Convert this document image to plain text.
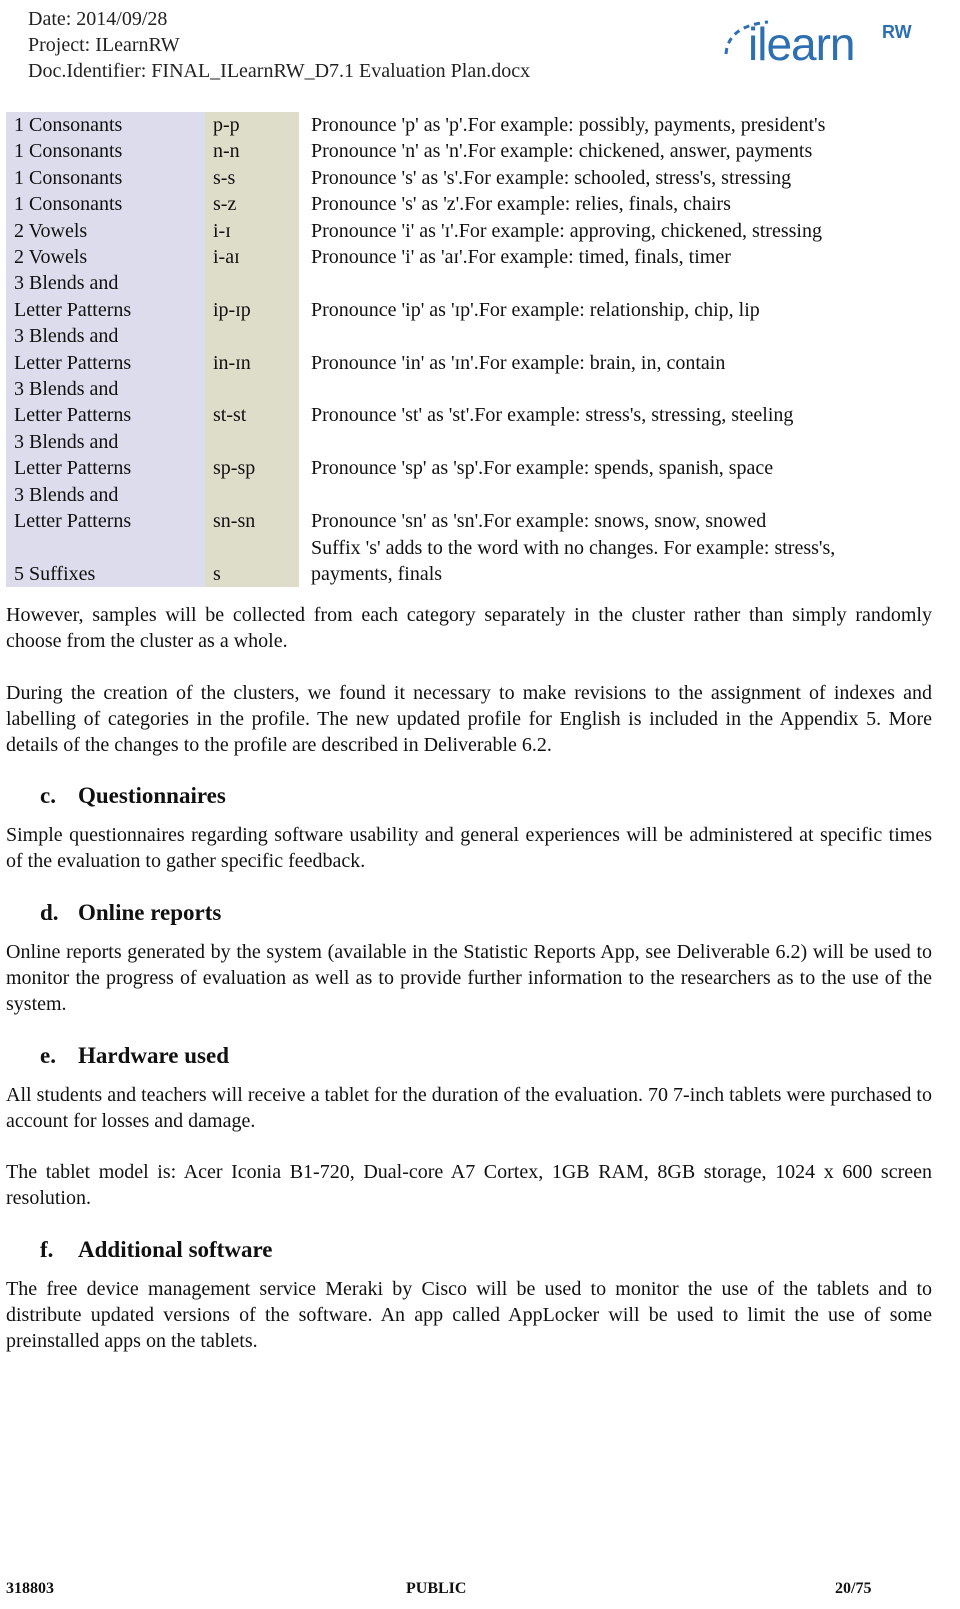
Date: 2014/09/28
Project: ILearnRW
Doc.Identifier: FINAL_ILearnRW_D7.1 Evaluation Plan.docx
ilearn RW
1 Consonants	p-p	Pronounce 'p' as 'p'.For example: possibly, payments, president's

1 Consonants	n-n	Pronounce 'n' as 'n'.For example: chickened, answer, payments

1 Consonants	s-s	Pronounce 's' as 's'.For example: schooled, stress's, stressing

1 Consonants	s-z	Pronounce 's' as 'z'.For example: relies, finals, chairs

2 Vowels	i-ɪ	Pronounce 'i' as 'ɪ'.For example: approving, chickened, stressing

2 Vowels	i-aɪ	Pronounce 'i' as 'aɪ'.For example: timed, finals, timer

3 Blends and
Letter Patterns	ip-ɪp	Pronounce 'ip' as 'ɪp'.For example: relationship, chip, lip

3 Blends and
Letter Patterns	in-ɪn	Pronounce 'in' as 'ɪn'.For example: brain, in, contain

3 Blends and
Letter Patterns	st-st	Pronounce 'st' as 'st'.For example: stress's, stressing, steeling

3 Blends and
Letter Patterns	sp-sp	Pronounce 'sp' as 'sp'.For example: spends, spanish, space

3 Blends and
Letter Patterns	sn-sn	Pronounce 'sn' as 'sn'.For example: snows, snow, snowed

5 Suffixes	s	Suffix 's' adds to the word with no changes. For example: stress's,
payments, finals

However, samples will be collected from each category separately in the cluster rather than simply randomly choose from the cluster as a whole.

During the creation of the clusters, we found it necessary to make revisions to the assignment of indexes and labelling of categories in the profile. The new updated profile for English is included in the Appendix 5. More details of the changes to the profile are described in Deliverable 6.2.

c. Questionnaires

Simple questionnaires regarding software usability and general experiences will be administered at specific times of the evaluation to gather specific feedback.

d. Online reports

Online reports generated by the system (available in the Statistic Reports App, see Deliverable 6.2) will be used to monitor the progress of evaluation as well as to provide further information to the researchers as to the use of the system.

e. Hardware used

All students and teachers will receive a tablet for the duration of the evaluation. 70 7-inch tablets were purchased to account for losses and damage.

The tablet model is: Acer Iconia B1-720, Dual-core A7 Cortex, 1GB RAM, 8GB storage, 1024 x 600 screen resolution.

f. Additional software

The free device management service Meraki by Cisco will be used to monitor the use of the tablets and to distribute updated versions of the software. An app called AppLocker will be used to limit the use of some preinstalled apps on the tablets.

318803	PUBLIC	20/75
